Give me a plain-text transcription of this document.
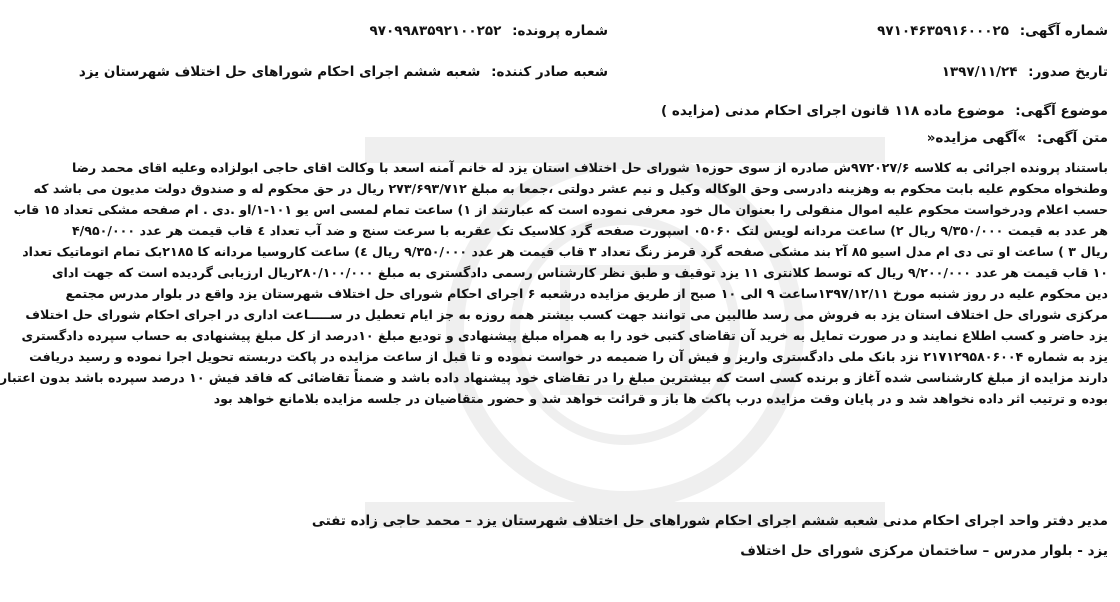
شماره آگهی: ۹۷۱۰۴۶۳۵۹۱۶۰۰۰۲۵
شماره پرونده: ۹۷۰۹۹۸۳۵۹۲۱۰۰۲۵۲
تاریخ صدور: ۱۳۹۷/۱۱/۲۴
شعبه صادر کننده: شعبه ششم اجرای احکام شوراهای حل اختلاف شهرستان یزد
موضوع آگهی: موضوع ماده ۱۱۸ قانون اجرای احکام مدنی (مزایده )
متن آگهی: »آگهی مزایده«
باستناد پرونده اجرائی به کلاسه ۹۷۲۰۲۷/۶ش صادره از سوی حوزه۱ شورای حل اختلاف استان یزد له خانم آمنه اسعد با وکالت اقای حاجی ابولزاده وعلیه اقای محمد رضا
وطنخواه محکوم علیه بابت محکوم به وهزینه دادرسی وحق الوکاله وکیل و نیم عشر دولتی ،جمعا به مبلغ ۲۷۳/۶۹۳/۷۱۲ ریال در حق محکوم له و صندوق دولت مدیون می باشد که
حسب اعلام ودرخواست محکوم علیه اموال منقولی را بعنوان مال خود معرفی نموده است که عبارتند از ۱) ساعت تمام لمسی اس یو ۱۰۱-۱/او .دی . ام صفحه مشکی تعداد ۱۵ قاب
هر عدد به قیمت ۹/۳۵۰/۰۰۰ ریال ۲) ساعت مردانه لویس لتک ۰۵۰۶۰ اسپورت صفحه گرد کلاسیک تک عقربه با سرعت سنج و ضد آب تعداد ٤ قاب قیمت هر عدد ۴/۹۵۰/۰۰۰
ریال ۳ ) ساعت او تی دی ام مدل اسیو ۸۵ آ۲ بند مشکی صفحه گرد قرمز رنگ تعداد ۳ قاب قیمت هر عدد ۹/۳۵۰/۰۰۰ ریال ٤) ساعت کاروسیا مردانه کا ۲۱۸۵بک تمام اتوماتیک تعداد
۱۰ قاب قیمت هر عدد ۹/۲۰۰/۰۰۰ ریال که توسط کلانتری ۱۱ یزد توقیف و طبق نظر کارشناس رسمی دادگستری به مبلغ ۲۸۰/۱۰۰/۰۰۰ریال ارزیابی گردیده است که جهت ادای
دین محکوم علیه در روز شنبه مورخ ۱۳۹۷/۱۲/۱۱ساعت ۹ الی ۱۰ صبح از طریق مزایده درشعبه ۶ اجرای احکام شورای حل اختلاف شهرستان یزد واقع در بلوار مدرس مجتمع
مرکزی شورای حل اختلاف استان یزد به فروش می رسد طالبین می توانند جهت کسب بیشتر همه روزه به جز ایام تعطیل در ســـــاعت اداری در اجرای احکام شورای حل اختلاف
یزد حاضر و کسب اطلاع نمایند و در صورت تمایل به خرید آن تقاضای کتبی خود را به همراه مبلغ پیشنهادی و تودیع مبلغ ۱۰درصد از کل مبلغ پیشنهادی به حساب سپرده دادگستری
یزد به شماره ۲۱۷۱۲۹۵۸۰۶۰۰۴ نزد بانک ملی دادگستری واریز و فیش آن را ضمیمه در خواست نموده و تا قبل از ساعت مزایده در پاکت دربسته تحویل اجرا نموده و رسید دریافت
دارند مزایده از مبلغ کارشناسی شده آغاز و برنده کسی است که بیشترین مبلغ را در تقاضای خود پیشنهاد داده باشد و ضمناً تقاضائی که فاقد فیش ۱۰ درصد سپرده باشد بدون اعتبار
بوده و ترتیب اثر داده نخواهد شد و در پایان وقت مزایده درب پاکت ها باز و قرائت خواهد شد و حضور متقاضیان در جلسه مزایده بلامانع خواهد بود
مدیر دفتر واحد اجرای احکام مدنی شعبه ششم اجرای احکام شوراهای حل اختلاف شهرستان یزد – محمد حاجی زاده تفتی
یزد - بلوار مدرس – ساختمان مرکزی شورای حل اختلاف
